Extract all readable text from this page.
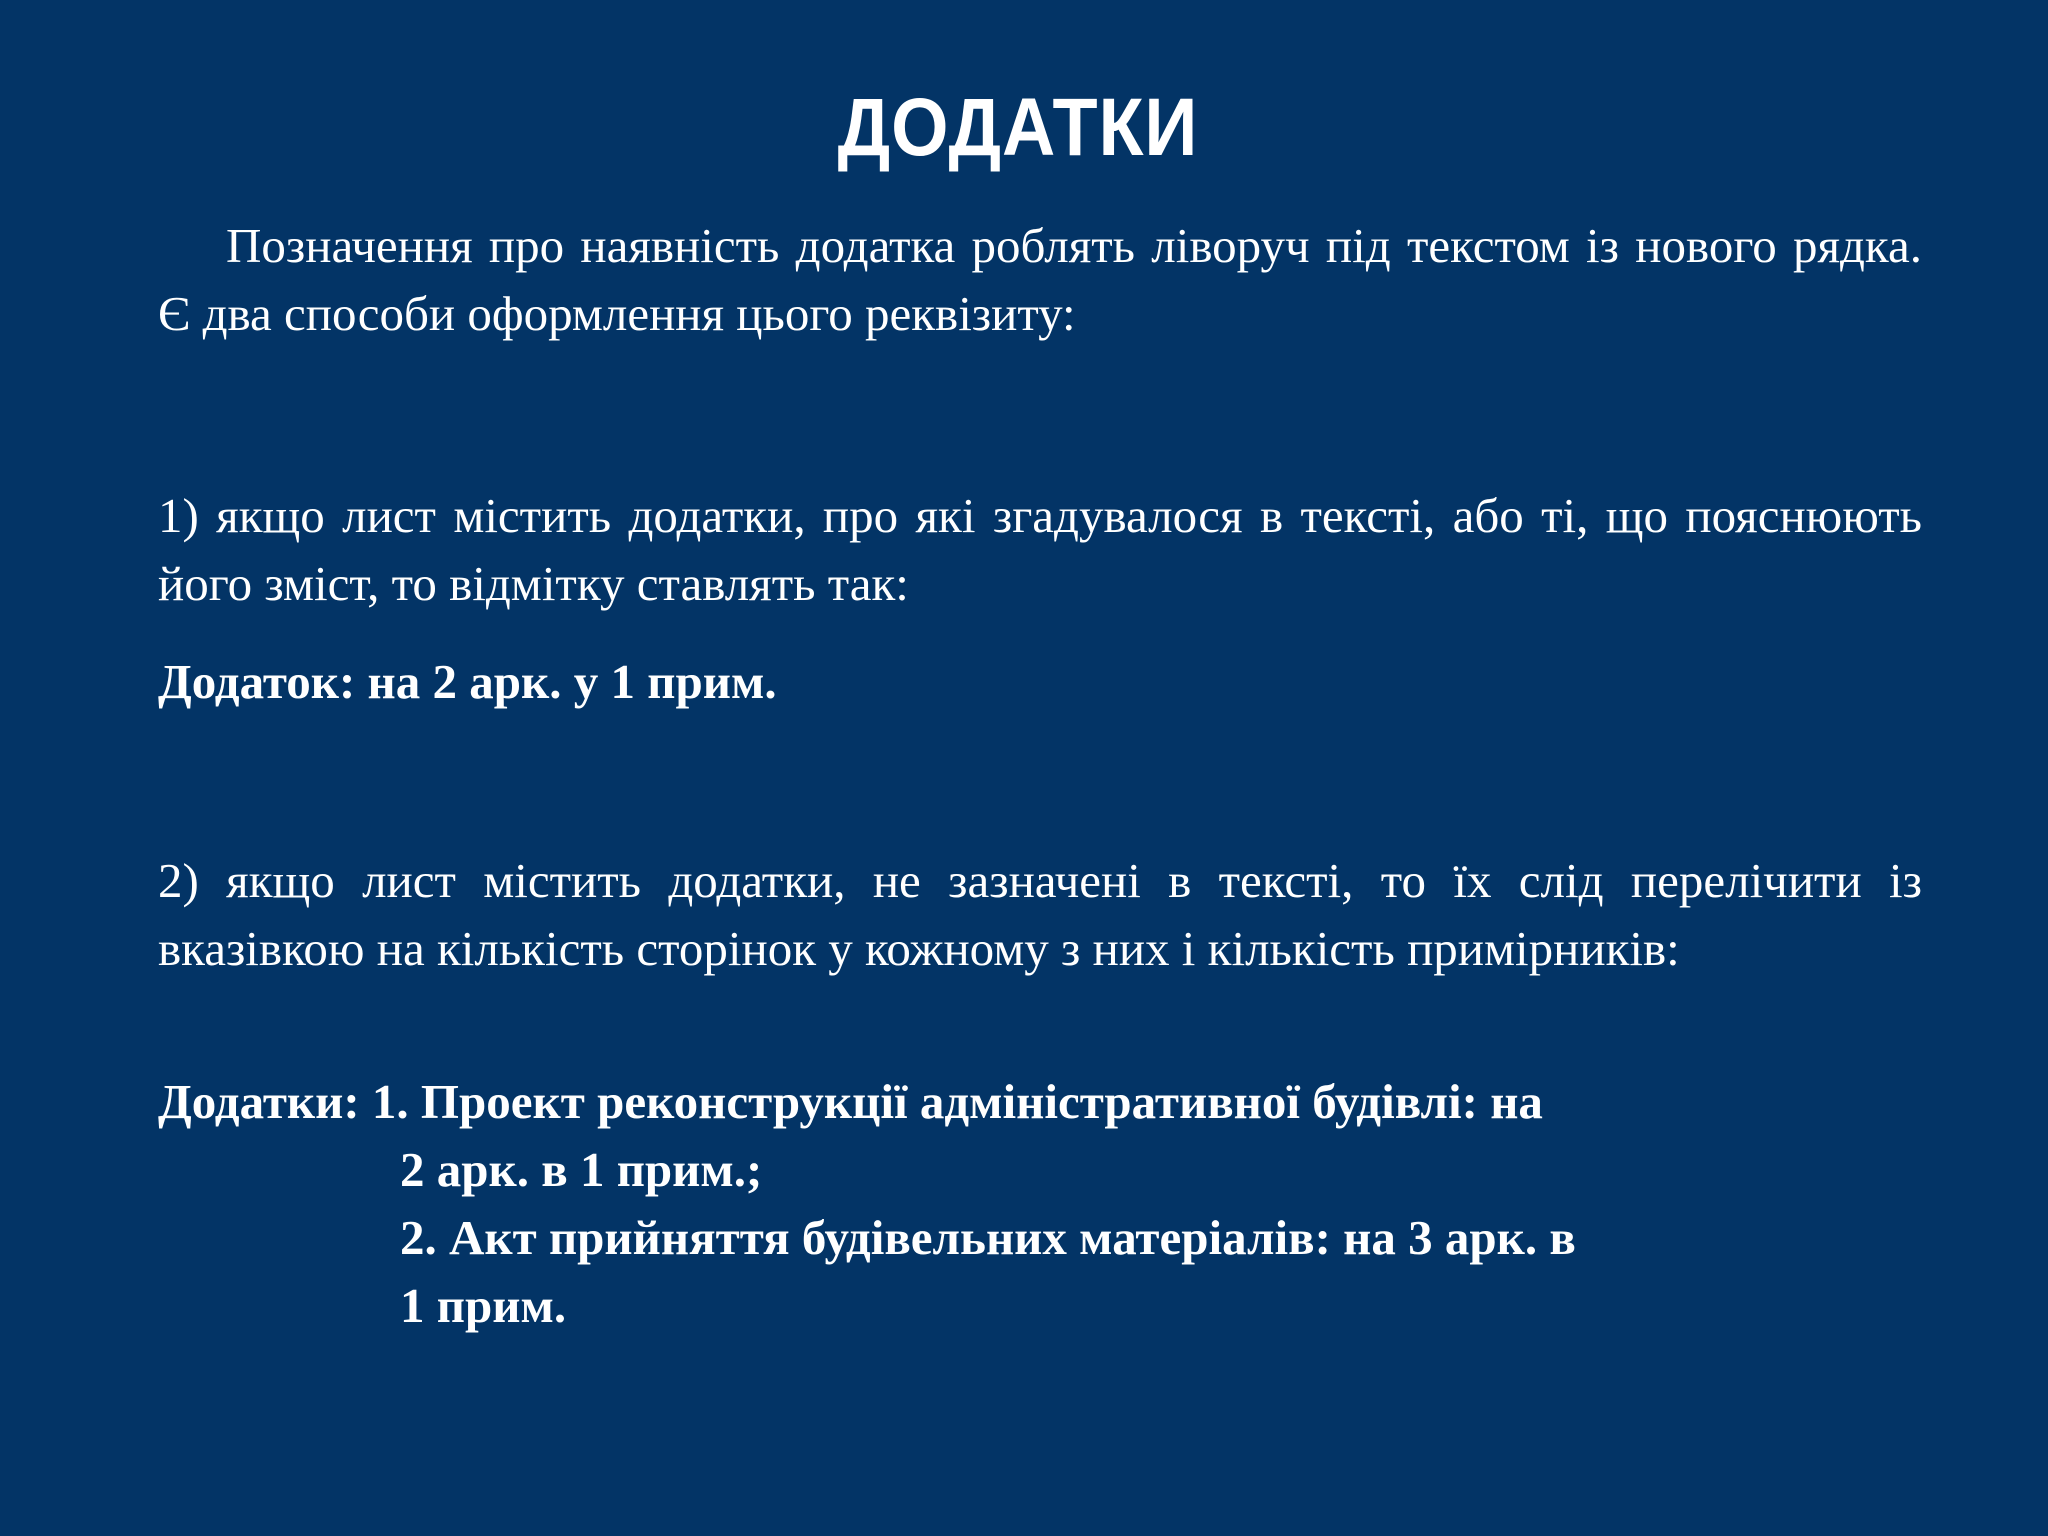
ДОДАТКИ

Позначення про наявність додатка роблять ліворуч під текстом із нового рядка. Є два способи оформлення цього реквізиту:

1) якщо лист містить додатки, про які згадувалося в тексті, або ті, що пояснюють його зміст, то відмітку ставлять так:

Додаток: на 2 арк. у 1 прим.

2) якщо лист містить додатки, не зазначені в тексті, то їх слід перелічити із вказівкою на кількість сторінок у кожному з них і кількість примірників:

Додатки: 1. Проект реконструкції адміністративної будівлі: на

2 арк. в 1 прим.;

2. Акт прийняття будівельних матеріалів: на 3 арк. в

1 прим.
